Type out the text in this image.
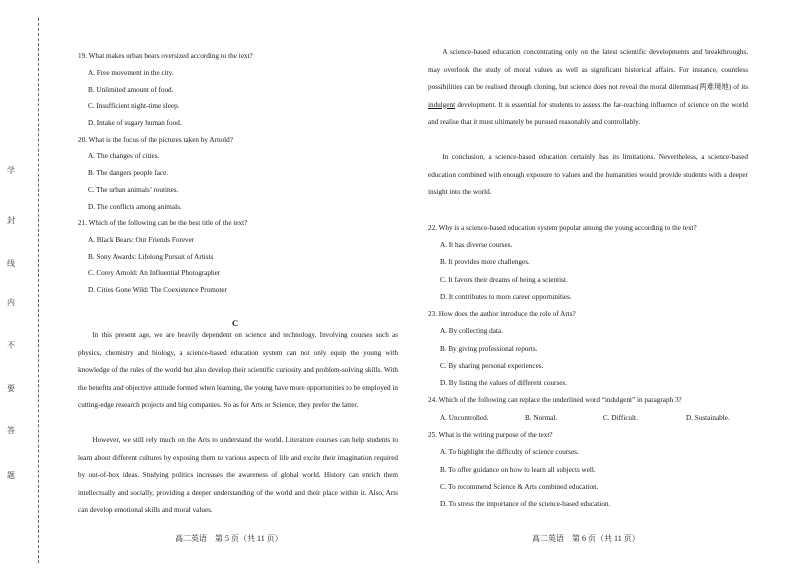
学
封
线
内
不
要
答
题
19. What makes urban bears oversized according to the text?
A. Free movement in the city.
B. Unlimited amount of food.
C. Insufficient night-time sleep.
D. Intake of sugary human food.
20. What is the focus of the pictures taken by Arnold?
A. The changes of cities.
B. The dangers people face.
C. The urban animals’ routines.
D. The conflicts among animals.
21. Which of the following can be the best title of the text?
A. Black Bears: Our Friends Forever
B. Sony Awards: Lifelong Pursuit of Artists
C. Corey Arnold: An Influential Photographer
D. Cities Gone Wild: The Coexistence Promoter
C
In this present age, we are heavily dependent on science and technology. Involving courses such as physics, chemistry and biology, a science-based education system can not only equip the young with knowledge of the rules of the world but also develop their scientific curiosity and problem-solving skills. With the benefits and objective attitude formed when learning, the young have more opportunities to be employed in cutting-edge research projects and big companies. So as for Arts or Science, they prefer the latter.
However, we still rely much on the Arts to understand the world. Literature courses can help students to learn about different cultures by exposing them to various aspects of life and excite their imagination required by out-of-box ideas. Studying politics increases the awareness of global world. History can enrich them intellectually and socially, providing a deeper understanding of the world and their place within it. Also, Arts can develop emotional skills and moral values.
高二英语　第 5 页（共 11 页）
A science-based education concentrating only on the latest scientific developments and breakthroughs, may overlook the study of moral values as well as significant historical affairs. For instance, countless possibilities can be realised through cloning, but science does not reveal the moral dilemmas(两难境地) of its indulgent development. It is essential for students to assess the far-reaching influence of science on the world and realise that it must ultimately be pursued reasonably and controllably.
In conclusion, a science-based education certainly has its limitations. Nevertheless, a science-based education combined with enough exposure to values and the humanities would provide students with a deeper insight into the world.
22. Why is a science-based education system popular among the young according to the text?
A. It has diverse courses.
B. It provides more challenges.
C. It favors their dreams of being a scientist.
D. It contributes to more career opportunities.
23. How does the author introduce the role of Arts?
A. By collecting data.
B. By giving professional reports.
C. By sharing personal experiences.
D. By listing the values of different courses.
24. Which of the following can replace the underlined word “indulgent” in paragraph 3?
A. Uncontrolled.	B. Normal.	C. Difficult.	D. Sustainable.
25. What is the writing purpose of the text?
A. To highlight the difficulty of science courses.
B. To offer guidance on how to learn all subjects well.
C. To recommend Science & Arts combined education.
D. To stress the importance of the science-based education.
高二英语　第 6 页（共 11 页）
